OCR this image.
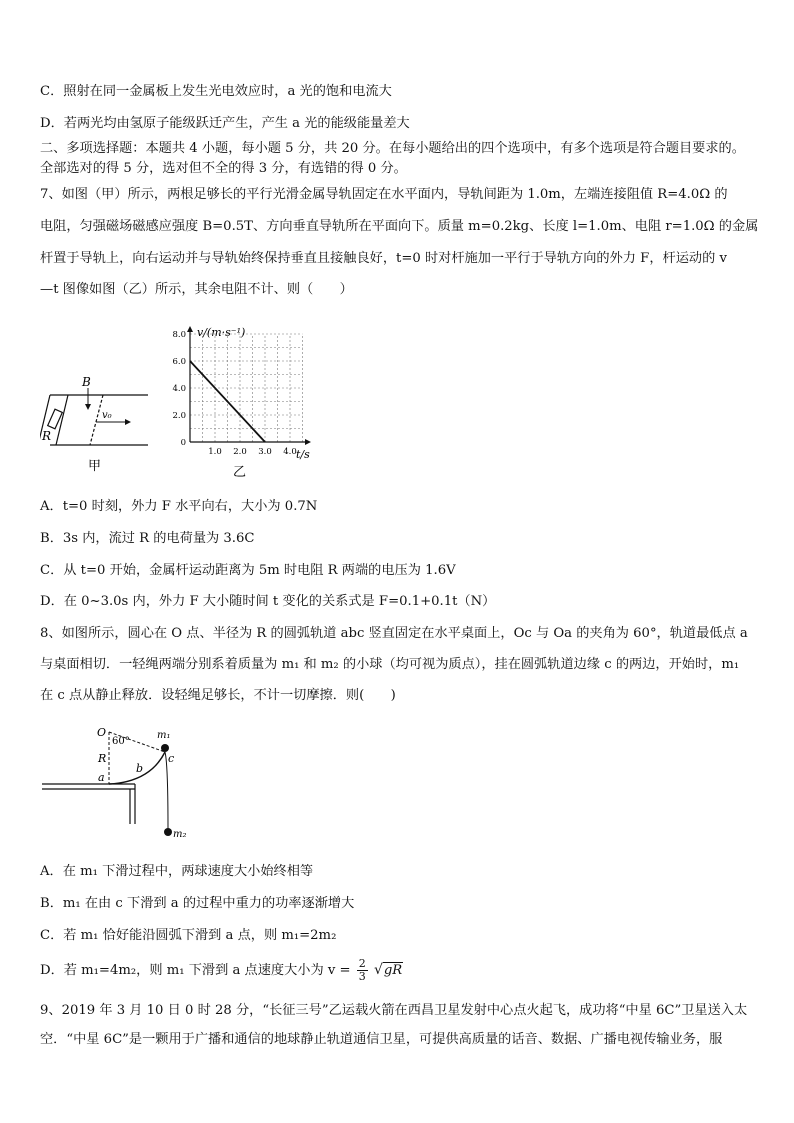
C．照射在同一金属板上发生光电效应时，a 光的饱和电流大
D．若两光均由氢原子能级跃迁产生，产生 a 光的能级能量差大
二、多项选择题：本题共 4 小题，每小题 5 分，共 20 分。在每小题给出的四个选项中，有多个选项是符合题目要求的。
全部选对的得 5 分，选对但不全的得 3 分，有选错的得 0 分。
7、如图（甲）所示，两根足够长的平行光滑金属导轨固定在水平面内，导轨间距为 1.0m，左端连接阻值 R=4.0Ω 的
电阻，匀强磁场磁感应强度 B=0.5T、方向垂直导轨所在平面向下。质量 m=0.2kg、长度 l=1.0m、电阻 r=1.0Ω 的金属
杆置于导轨上，向右运动并与导轨始终保持垂直且接触良好，t=0 时对杆施加一平行于导轨方向的外力 F，杆运动的 v
—t 图像如图（乙）所示，其余电阻不计、则（　　）
B
R
v₀
甲
0
2.0
4.0
6.0
8.0
1.0 2.0 3.0 4.0
v/(m·s⁻¹)
t/s
乙
A．t=0 时刻，外力 F 水平向右，大小为 0.7N
B．3s 内，流过 R 的电荷量为 3.6C
C．从 t=0 开始，金属杆运动距离为 5m 时电阻 R 两端的电压为 1.6V
D．在 0~3.0s 内，外力 F 大小随时间 t 变化的关系式是 F=0.1+0.1t（N）
8、如图所示，圆心在 O 点、半径为 R 的圆弧轨道 abc 竖直固定在水平桌面上，Oc 与 Oa 的夹角为 60°，轨道最低点 a
与桌面相切．一轻绳两端分别系着质量为 m₁ 和 m₂ 的小球（均可视为质点），挂在圆弧轨道边缘 c 的两边，开始时，m₁
在 c 点从静止释放．设轻绳足够长，不计一切摩擦．则(　　)
O
60°
R
a
b
c
m₁
m₂
A．在 m₁ 下滑过程中，两球速度大小始终相等
B．m₁ 在由 c 下滑到 a 的过程中重力的功率逐渐增大
C．若 m₁ 恰好能沿圆弧下滑到 a 点，则 m₁=2m₂
D．若 m₁=4m₂，则 m₁ 下滑到 a 点速度大小为 $v = \frac{2}{3} √gR$
9、2019 年 3 月 10 日 0 时 28 分，“长征三号”乙运载火箭在西昌卫星发射中心点火起飞，成功将“中星 6C”卫星送入太
空．“中星 6C”是一颗用于广播和通信的地球静止轨道通信卫星，可提供高质量的话音、数据、广播电视传输业务，服
